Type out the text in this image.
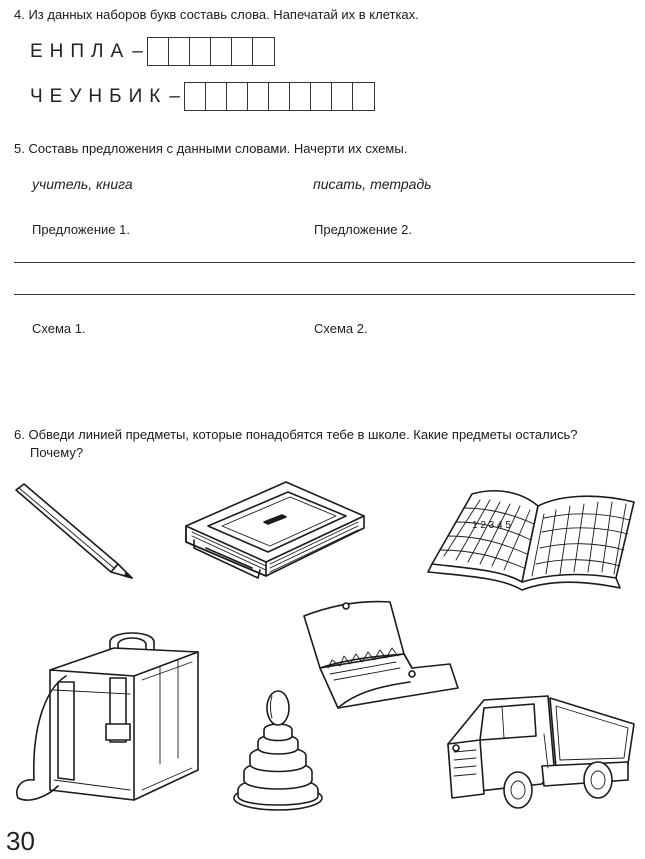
4. Из данных наборов букв составь слова. Напечатай их в клетках.
ЕНПЛА –
ЧЕУНБИК –
5. Составь предложения с данными словами. Начерти их схемы.
учитель, книга	писать, тетрадь
Предложение 1.	Предложение 2.
Схема 1.	Схема 2.
6. Обведи линией предметы, которые понадобятся тебе в школе. Какие предметы остались?
Почему?
1 2 3 4 5
30
